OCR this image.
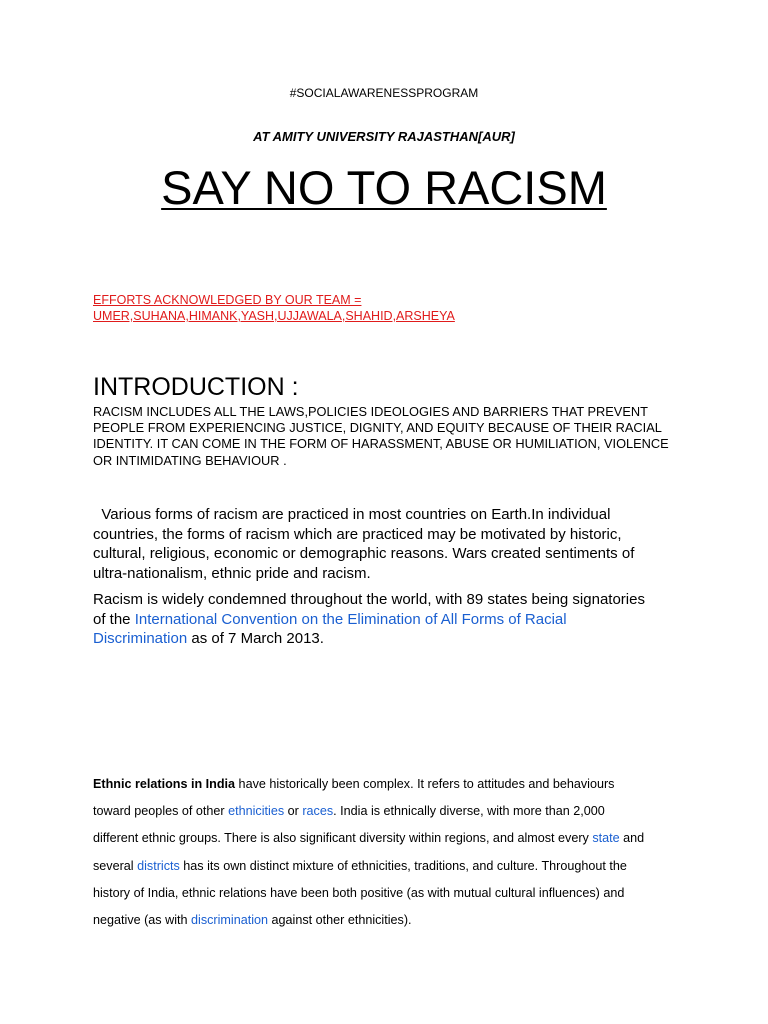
#SOCIALAWARENESSPROGRAM
AT AMITY UNIVERSITY RAJASTHAN[AUR]
SAY NO TO RACISM
EFFORTS ACKNOWLEDGED BY OUR TEAM =
UMER,SUHANA,HIMANK,YASH,UJJAWALA,SHAHID,ARSHEYA
INTRODUCTION :
RACISM INCLUDES ALL THE LAWS,POLICIES IDEOLOGIES AND BARRIERS THAT PREVENT
PEOPLE FROM EXPERIENCING JUSTICE, DIGNITY, AND EQUITY BECAUSE OF THEIR RACIAL
IDENTITY. IT CAN COME IN THE FORM OF HARASSMENT, ABUSE OR HUMILIATION, VIOLENCE
OR INTIMIDATING BEHAVIOUR .
Various forms of racism are practiced in most countries on Earth.In individual
countries, the forms of racism which are practiced may be motivated by historic,
cultural, religious, economic or demographic reasons. Wars created sentiments of
ultra-nationalism, ethnic pride and racism.
Racism is widely condemned throughout the world, with 89 states being signatories
of the International Convention on the Elimination of All Forms of Racial
Discrimination as of 7 March 2013.
Ethnic relations in India have historically been complex. It refers to attitudes and behaviours
toward peoples of other ethnicities or races. India is ethnically diverse, with more than 2,000
different ethnic groups. There is also significant diversity within regions, and almost every state and
several districts has its own distinct mixture of ethnicities, traditions, and culture. Throughout the
history of India, ethnic relations have been both positive (as with mutual cultural influences) and
negative (as with discrimination against other ethnicities).
